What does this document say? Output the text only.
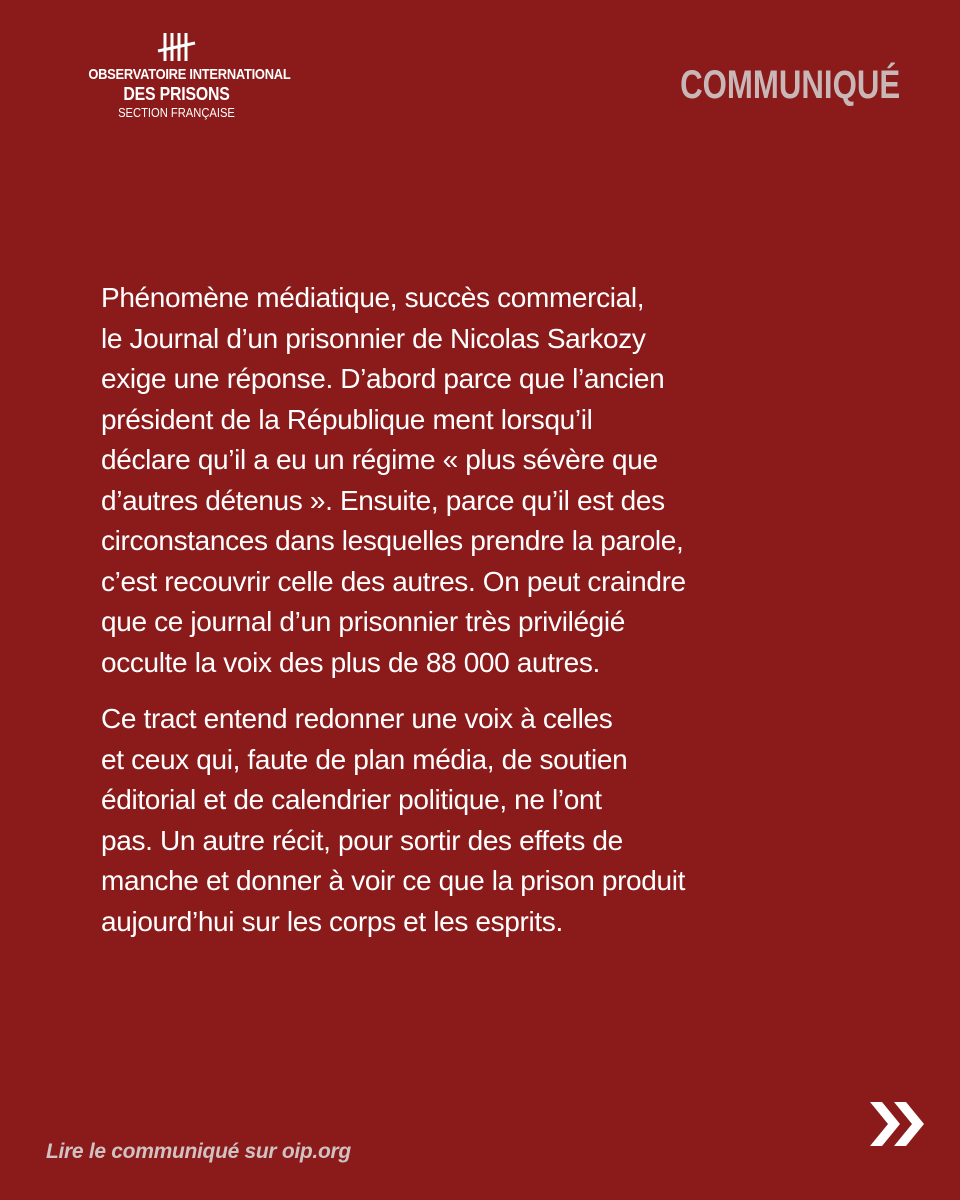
OBSERVATOIRE INTERNATIONAL
DES PRISONS
SECTION FRANÇAISE
COMMUNIQUÉ

Phénomène médiatique, succès commercial,
le Journal d’un prisonnier de Nicolas Sarkozy
exige une réponse. D’abord parce que l’ancien
président de la République ment lorsqu’il
déclare qu’il a eu un régime « plus sévère que
d’autres détenus ». Ensuite, parce qu’il est des
circonstances dans lesquelles prendre la parole,
c’est recouvrir celle des autres. On peut craindre
que ce journal d’un prisonnier très privilégié
occulte la voix des plus de 88 000 autres.

Ce tract entend redonner une voix à celles
et ceux qui, faute de plan média, de soutien
éditorial et de calendrier politique, ne l’ont
pas. Un autre récit, pour sortir des effets de
manche et donner à voir ce que la prison produit
aujourd’hui sur les corps et les esprits.

Lire le communiqué sur oip.org
